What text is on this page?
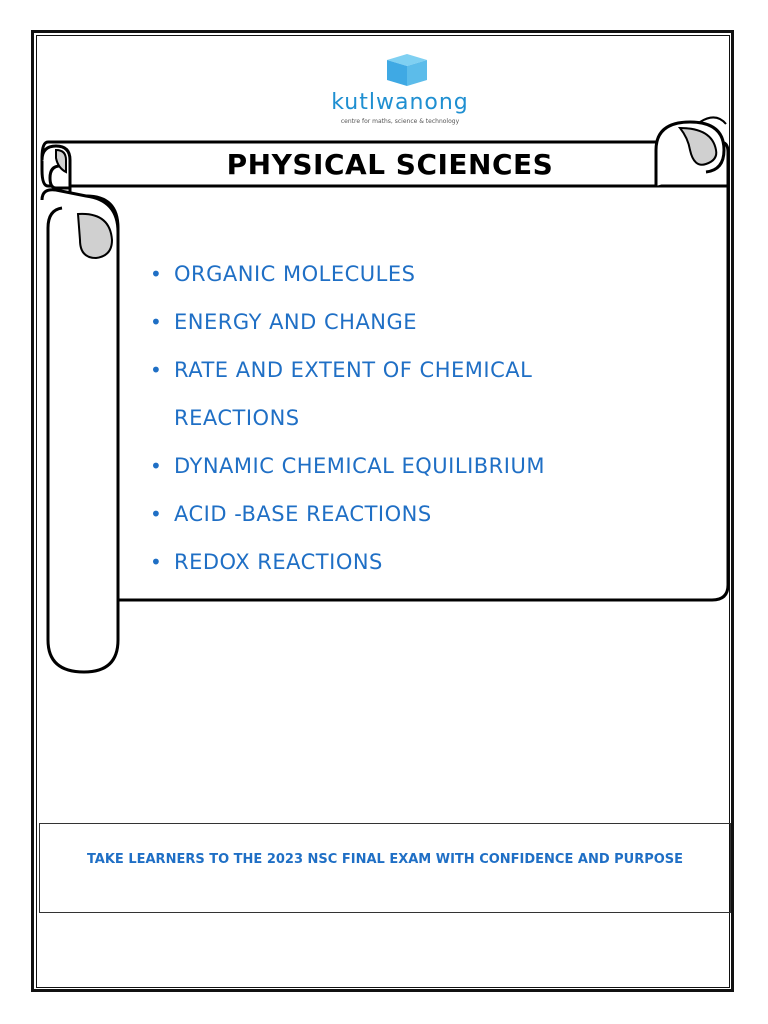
kutlwanong
centre for maths, science & technology
PHYSICAL SCIENCES
• ORGANIC MOLECULES
• ENERGY AND CHANGE
• RATE AND EXTENT OF CHEMICAL REACTIONS
• DYNAMIC CHEMICAL EQUILIBRIUM
• ACID -BASE REACTIONS
• REDOX REACTIONS
TAKE LEARNERS TO THE 2023 NSC FINAL EXAM WITH CONFIDENCE AND PURPOSE
